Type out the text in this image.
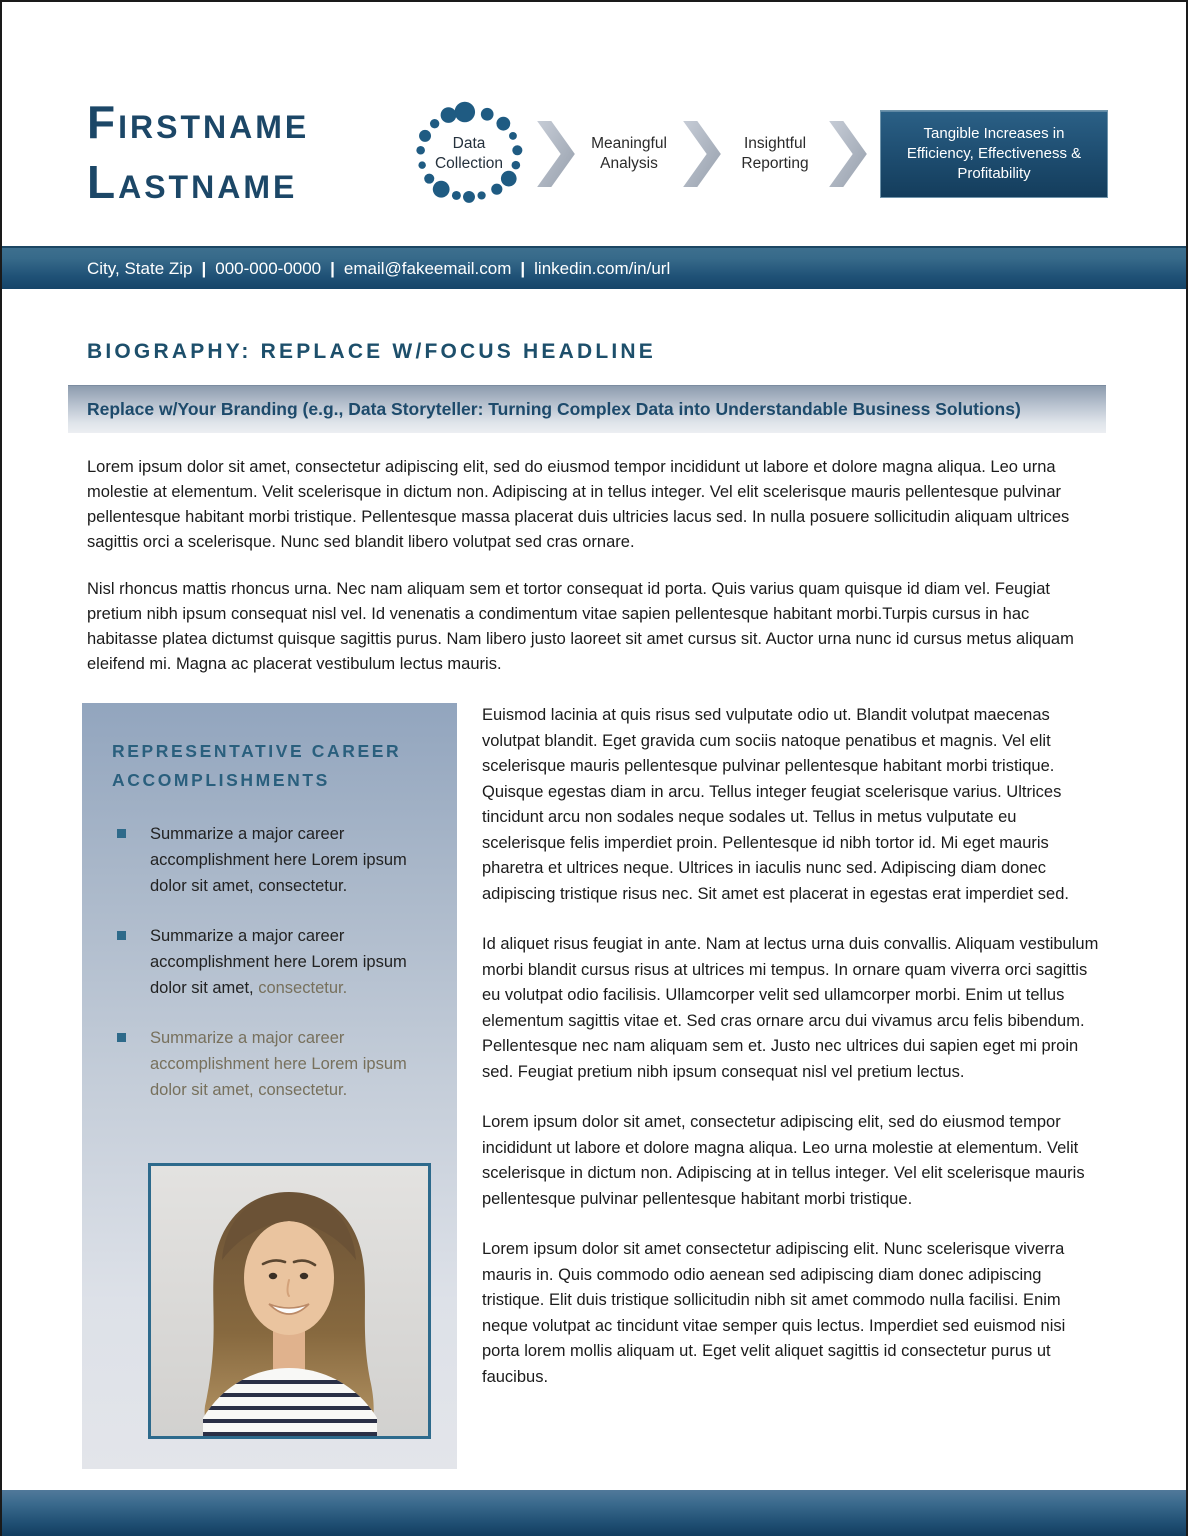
Firstname
Lastname
Data Collection
Meaningful Analysis
Insightful Reporting
Tangible Increases in Efficiency, Effectiveness & Profitability
City, State Zip | 000-000-0000 | email@fakeemail.com | linkedin.com/in/url
BIOGRAPHY: REPLACE W/FOCUS HEADLINE
Replace w/Your Branding (e.g., Data Storyteller: Turning Complex Data into Understandable Business Solutions)

Lorem ipsum dolor sit amet, consectetur adipiscing elit, sed do eiusmod tempor incididunt ut labore et dolore magna aliqua. Leo urna molestie at elementum. Velit scelerisque in dictum non. Adipiscing at in tellus integer. Vel elit scelerisque mauris pellentesque pulvinar pellentesque habitant morbi tristique. Pellentesque massa placerat duis ultricies lacus sed. In nulla posuere sollicitudin aliquam ultrices sagittis orci a scelerisque. Nunc sed blandit libero volutpat sed cras ornare.

Nisl rhoncus mattis rhoncus urna. Nec nam aliquam sem et tortor consequat id porta. Quis varius quam quisque id diam vel. Feugiat pretium nibh ipsum consequat nisl vel. Id venenatis a condimentum vitae sapien pellentesque habitant morbi.Turpis cursus in hac habitasse platea dictumst quisque sagittis purus. Nam libero justo laoreet sit amet cursus sit. Auctor urna nunc id cursus metus aliquam eleifend mi. Magna ac placerat vestibulum lectus mauris.

REPRESENTATIVE CAREER ACCOMPLISHMENTS
Summarize a major career accomplishment here Lorem ipsum dolor sit amet, consectetur.
Summarize a major career accomplishment here Lorem ipsum dolor sit amet, consectetur.
Summarize a major career accomplishment here Lorem ipsum dolor sit amet, consectetur.

Euismod lacinia at quis risus sed vulputate odio ut. Blandit volutpat maecenas volutpat blandit. Eget gravida cum sociis natoque penatibus et magnis. Vel elit scelerisque mauris pellentesque pulvinar pellentesque habitant morbi tristique. Quisque egestas diam in arcu. Tellus integer feugiat scelerisque varius. Ultrices tincidunt arcu non sodales neque sodales ut. Tellus in metus vulputate eu scelerisque felis imperdiet proin. Pellentesque id nibh tortor id. Mi eget mauris pharetra et ultrices neque. Ultrices in iaculis nunc sed. Adipiscing diam donec adipiscing tristique risus nec. Sit amet est placerat in egestas erat imperdiet sed.

Id aliquet risus feugiat in ante. Nam at lectus urna duis convallis. Aliquam vestibulum morbi blandit cursus risus at ultrices mi tempus. In ornare quam viverra orci sagittis eu volutpat odio facilisis. Ullamcorper velit sed ullamcorper morbi. Enim ut tellus elementum sagittis vitae et. Sed cras ornare arcu dui vivamus arcu felis bibendum. Pellentesque nec nam aliquam sem et. Justo nec ultrices dui sapien eget mi proin sed. Feugiat pretium nibh ipsum consequat nisl vel pretium lectus.

Lorem ipsum dolor sit amet, consectetur adipiscing elit, sed do eiusmod tempor incididunt ut labore et dolore magna aliqua. Leo urna molestie at elementum. Velit scelerisque in dictum non. Adipiscing at in tellus integer. Vel elit scelerisque mauris pellentesque pulvinar pellentesque habitant morbi tristique.

Lorem ipsum dolor sit amet consectetur adipiscing elit. Nunc scelerisque viverra mauris in. Quis commodo odio aenean sed adipiscing diam donec adipiscing tristique. Elit duis tristique sollicitudin nibh sit amet commodo nulla facilisi. Enim neque volutpat ac tincidunt vitae semper quis lectus. Imperdiet sed euismod nisi porta lorem mollis aliquam ut. Eget velit aliquet sagittis id consectetur purus ut faucibus.
